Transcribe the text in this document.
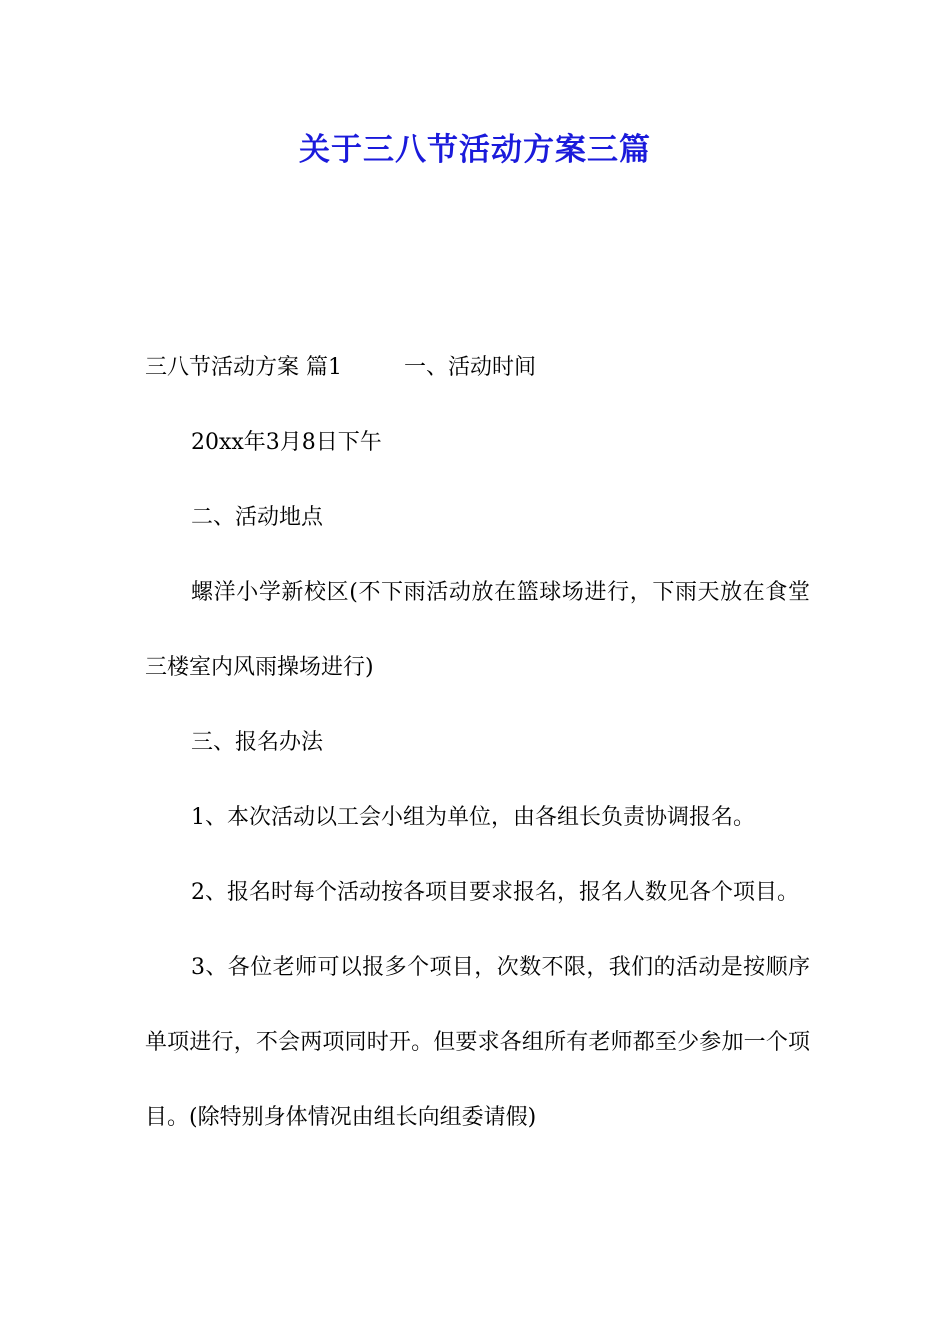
关于三八节活动方案三篇

三八节活动方案 篇1	一、活动时间

20xx年3月8日下午

二、活动地点

螺洋小学新校区(不下雨活动放在篮球场进行，下雨天放在食堂三楼室内风雨操场进行)

三、报名办法

1、本次活动以工会小组为单位，由各组长负责协调报名。

2、报名时每个活动按各项目要求报名，报名人数见各个项目。

3、各位老师可以报多个项目，次数不限，我们的活动是按顺序单项进行，不会两项同时开。但要求各组所有老师都至少参加一个项目。(除特别身体情况由组长向组委请假)
